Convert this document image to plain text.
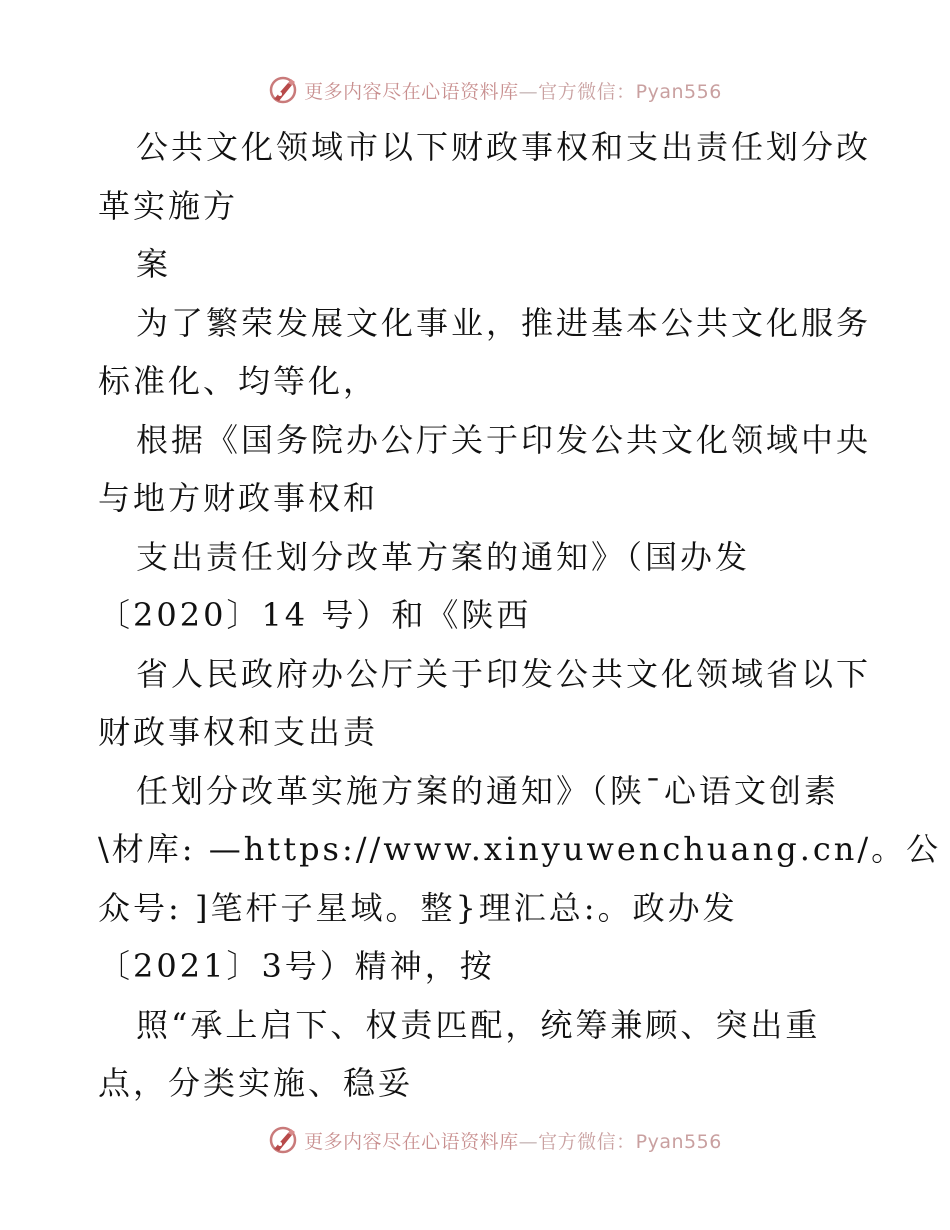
更多内容尽在心语资料库—官方微信：Pyan556
公共文化领域市以下财政事权和支出责任划分改
革实施方
案
为了繁荣发展文化事业，推进基本公共文化服务
标准化、均等化，
根据《国务院办公厅关于印发公共文化领域中央
与地方财政事权和
支出责任划分改革方案的通知》（国办发
〔2020〕14 号）和《陕西
省人民政府办公厅关于印发公共文化领域省以下
财政事权和支出责
任划分改革实施方案的通知》（陕¯心语文创素
\材库: —https://www.xinyuwenchuang.cn/。公
众号: ]笔杆子星域。整}理汇总:。政办发
〔2021〕3号）精神，按
照“承上启下、权责匹配，统筹兼顾、突出重
点，分类实施、稳妥
更多内容尽在心语资料库—官方微信：Pyan556
